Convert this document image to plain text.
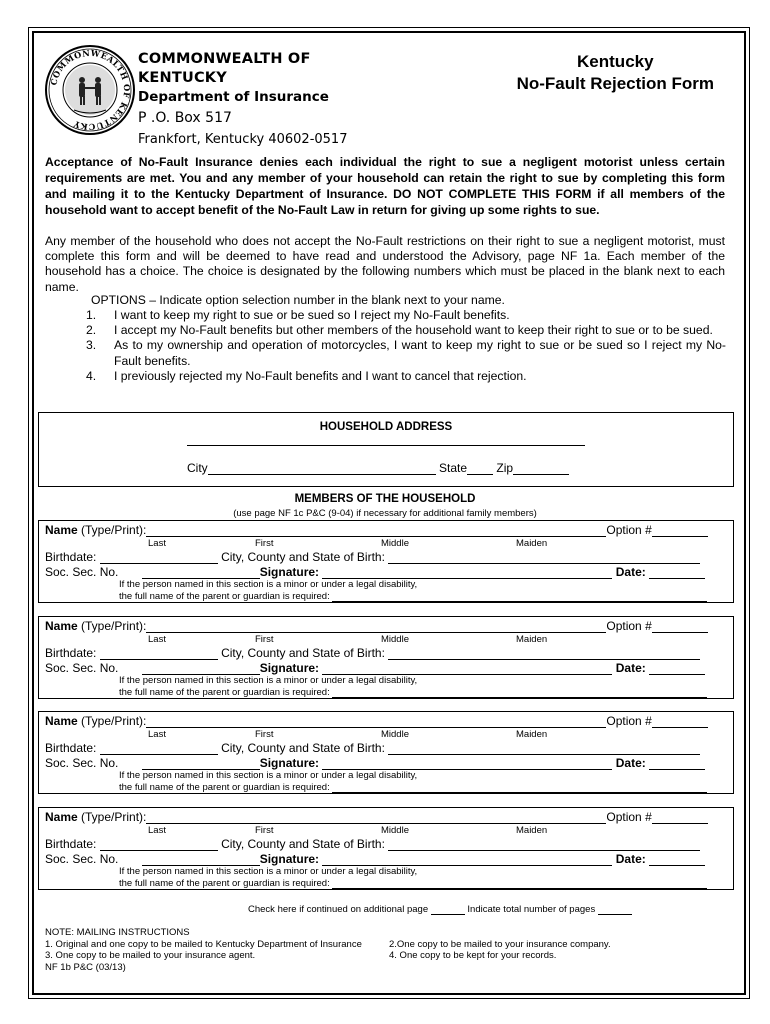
COMMONWEALTH OF KENTUCKY
COMMONWEALTH OF
KENTUCKY
Department of Insurance
P .O. Box 517
Frankfort, Kentucky 40602-0517
Kentucky
No-Fault Rejection Form
Acceptance of No-Fault Insurance denies each individual the right to sue a negligent motorist unless certain requirements are met. You and any member of your household can retain the right to sue by completing this form and mailing it to the Kentucky Department of Insurance. DO NOT COMPLETE THIS FORM if all members of the household want to accept benefit of the No-Fault Law in return for giving up some rights to sue.
Any member of the household who does not accept the No-Fault restrictions on their right to sue a negligent motorist, must complete this form and will be deemed to have read and understood the Advisory, page NF 1a. Each member of the household has a choice. The choice is designated by the following numbers which must be placed in the blank next to each name.
OPTIONS – Indicate option selection number in the blank next to your name.
1.	I want to keep my right to sue or be sued so I reject my No-Fault benefits.
2.	I accept my No-Fault benefits but other members of the household want to keep their right to sue or to be sued.
3.	As to my ownership and operation of motorcycles, I want to keep my right to sue or be sued so I reject my No-Fault benefits.
4.	I previously rejected my No-Fault benefits and I want to cancel that rejection.
HOUSEHOLD ADDRESS
City	State Zip
MEMBERS OF THE HOUSEHOLD
(use page NF 1c P&C (9-04) if necessary for additional family members)
Name (Type/Print):	Option #
Last	First	Middle	Maiden
Birthdate:	City, County and State of Birth:
Soc. Sec. No.	Signature:	Date:
If the person named in this section is a minor or under a legal disability,
the full name of the parent or guardian is required:
Name (Type/Print):	Option #
Last	First	Middle	Maiden
Birthdate:	City, County and State of Birth:
Soc. Sec. No.	Signature:	Date:
If the person named in this section is a minor or under a legal disability,
the full name of the parent or guardian is required:
Name (Type/Print):	Option #
Last	First	Middle	Maiden
Birthdate:	City, County and State of Birth:
Soc. Sec. No.	Signature:	Date:
If the person named in this section is a minor or under a legal disability,
the full name of the parent or guardian is required:
Name (Type/Print):	Option #
Last	First	Middle	Maiden
Birthdate:	City, County and State of Birth:
Soc. Sec. No.	Signature:	Date:
If the person named in this section is a minor or under a legal disability,
the full name of the parent or guardian is required:
Check here if continued on additional page	Indicate total number of pages
NOTE: MAILING INSTRUCTIONS
1. Original and one copy to be mailed to Kentucky Department of Insurance	2.One copy to be mailed to your insurance company.
3. One copy to be mailed to your insurance agent.	4. One copy to be kept for your records.
NF 1b P&C (03/13)
